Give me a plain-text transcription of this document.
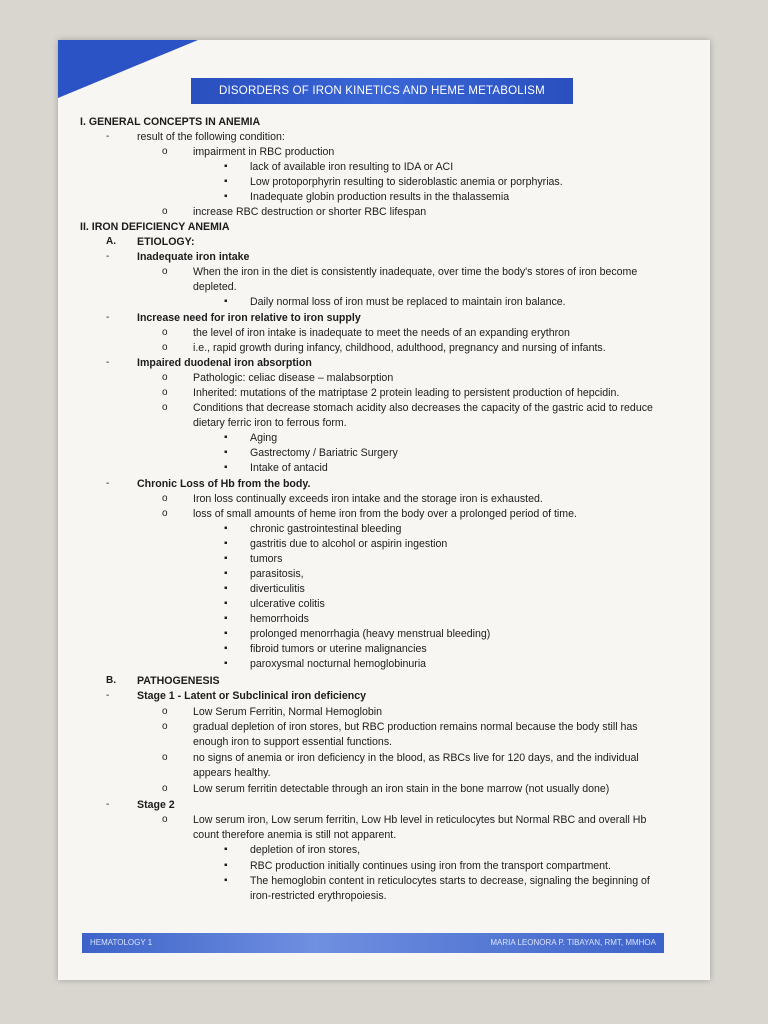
DISORDERS OF IRON KINETICS AND HEME METABOLISM
I. GENERAL CONCEPTS IN ANEMIA
-	result of the following condition:
o impairment in RBC production
▪ lack of available iron resulting to IDA or ACI
▪ Low protoporphyrin resulting to sideroblastic anemia or porphyrias.
▪ Inadequate globin production results in the thalassemia
o increase RBC destruction or shorter RBC lifespan
II. IRON DEFICIENCY ANEMIA
A. ETIOLOGY:
-	Inadequate iron intake
o When the iron in the diet is consistently inadequate, over time the body's stores of iron become
depleted.
▪ Daily normal loss of iron must be replaced to maintain iron balance.
-	Increase need for iron relative to iron supply
o the level of iron intake is inadequate to meet the needs of an expanding erythron
o i.e., rapid growth during infancy, childhood, adulthood, pregnancy and nursing of infants.
-	Impaired duodenal iron absorption
o Pathologic: celiac disease – malabsorption
o Inherited: mutations of the matriptase 2 protein leading to persistent production of hepcidin.
o Conditions that decrease stomach acidity also decreases the capacity of the gastric acid to reduce
dietary ferric iron to ferrous form.
▪ Aging
▪ Gastrectomy / Bariatric Surgery
▪ Intake of antacid
-	Chronic Loss of Hb from the body.
o Iron loss continually exceeds iron intake and the storage iron is exhausted.
o loss of small amounts of heme iron from the body over a prolonged period of time.
▪ chronic gastrointestinal bleeding
▪ gastritis due to alcohol or aspirin ingestion
▪ tumors
▪ parasitosis,
▪ diverticulitis
▪ ulcerative colitis
▪ hemorrhoids
▪ prolonged menorrhagia (heavy menstrual bleeding)
▪ fibroid tumors or uterine malignancies
▪ paroxysmal nocturnal hemoglobinuria
B. PATHOGENESIS
-	Stage 1 - Latent or Subclinical iron deficiency
o Low Serum Ferritin, Normal Hemoglobin
o gradual depletion of iron stores, but RBC production remains normal because the body still has
enough iron to support essential functions.
o no signs of anemia or iron deficiency in the blood, as RBCs live for 120 days, and the individual
appears healthy.
o Low serum ferritin detectable through an iron stain in the bone marrow (not usually done)
-	Stage 2
o Low serum iron, Low serum ferritin, Low Hb level in reticulocytes but Normal RBC and overall Hb
count therefore anemia is still not apparent.
▪ depletion of iron stores,
▪ RBC production initially continues using iron from the transport compartment.
▪ The hemoglobin content in reticulocytes starts to decrease, signaling the beginning of
iron-restricted erythropoiesis.
HEMATOLOGY 1	MARIA LEONORA P. TIBAYAN, RMT, MMHOA
